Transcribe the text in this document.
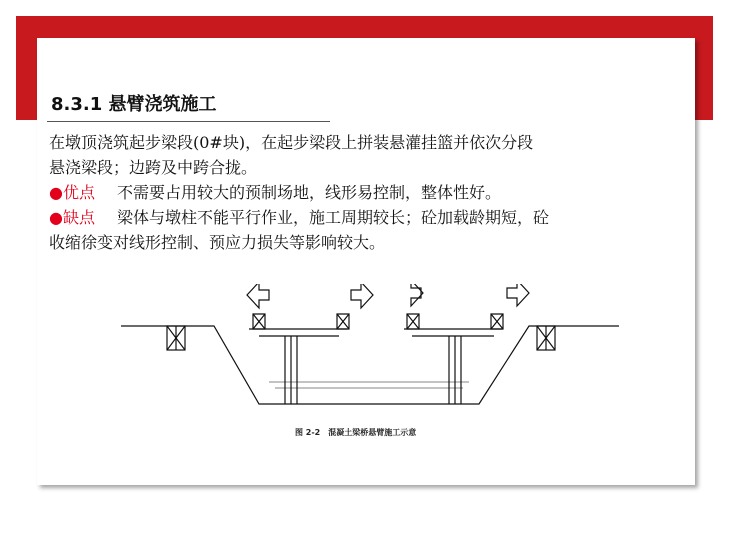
8.3.1 悬臂浇筑施工

在墩顶浇筑起步梁段(0#块)，在起步梁段上拼装悬灌挂篮并依次分段

悬浇梁段；边跨及中跨合拢。

●优点 不需要占用较大的预制场地，线形易控制，整体性好。

●缺点 梁体与墩柱不能平行作业，施工周期较长；砼加载龄期短，砼

收缩徐变对线形控制、预应力损失等影响较大。

图 2-2　混凝土梁桥悬臂施工示意
